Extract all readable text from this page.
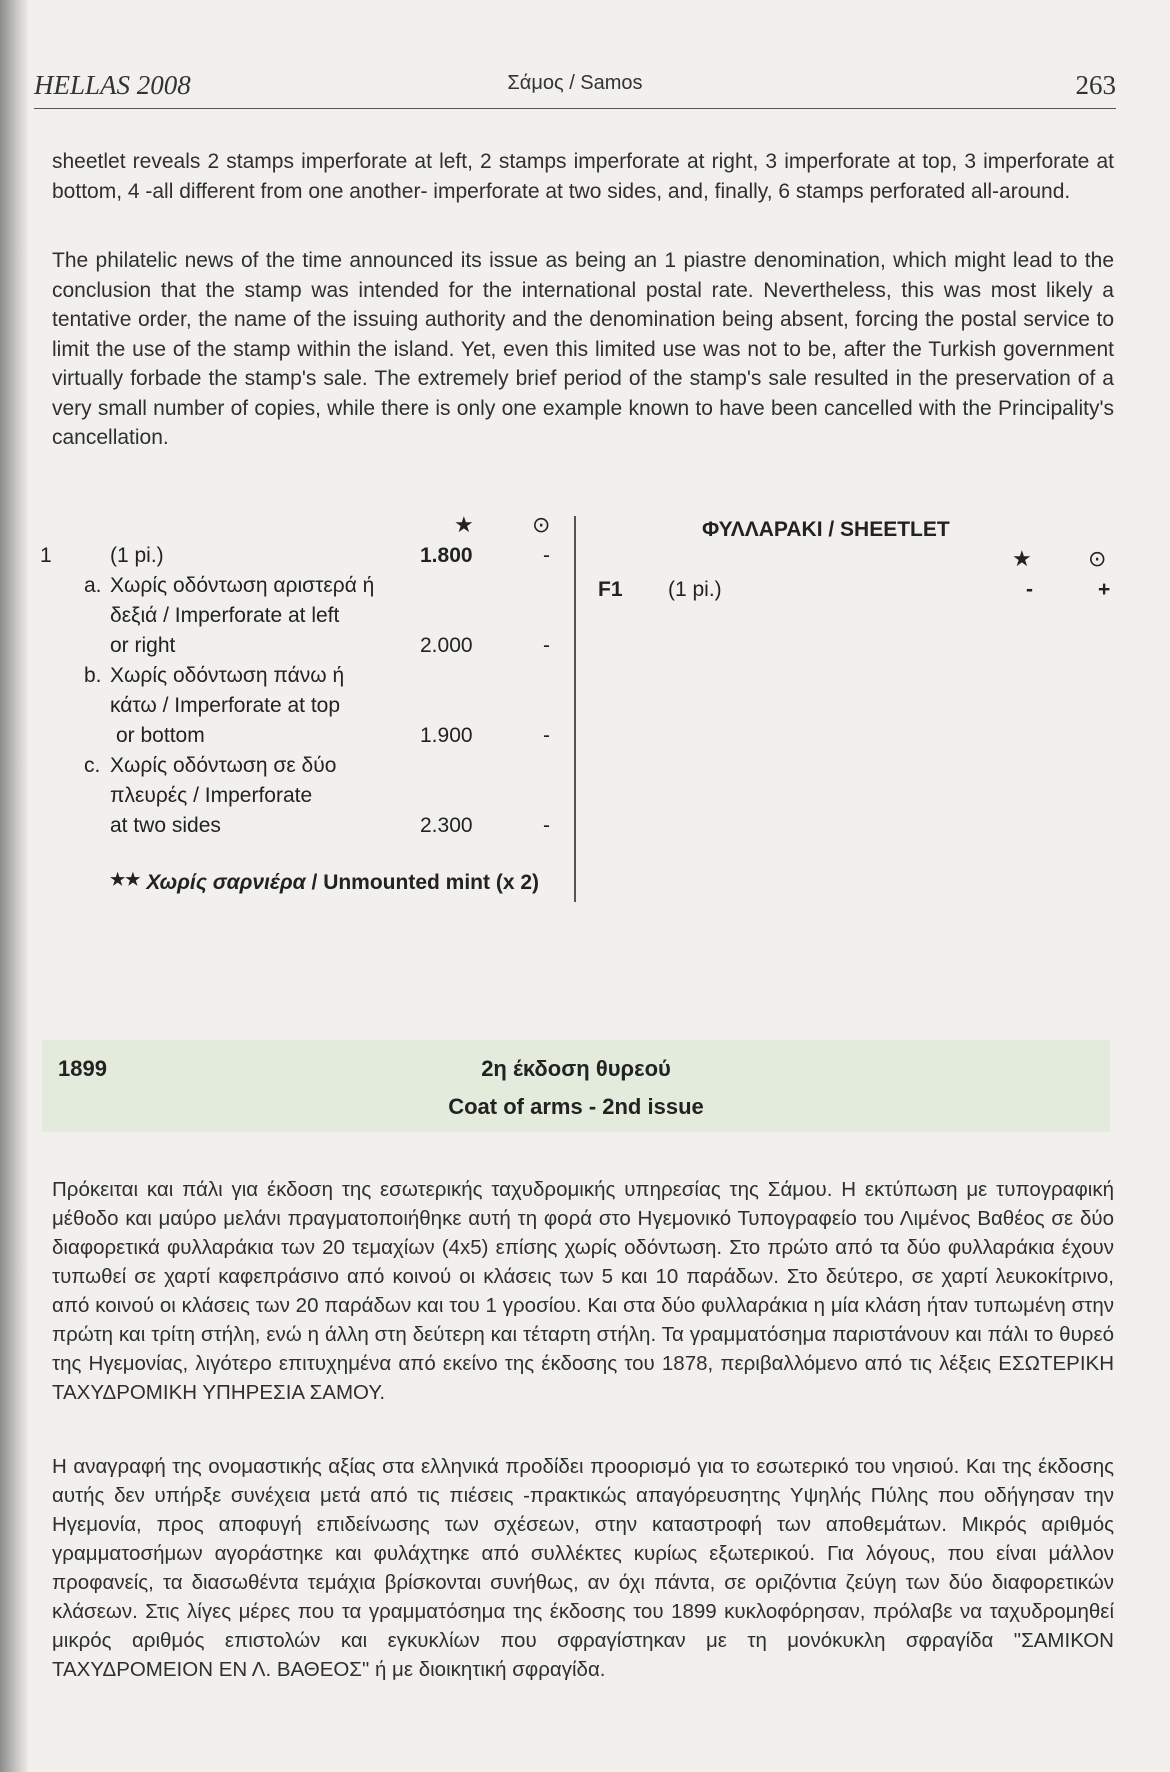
HELLAS 2008	Σάμος / Samos	263
sheetlet reveals 2 stamps imperforate at left, 2 stamps imperforate at right, 3 imperforate at top, 3 imperforate at bottom, 4 -all different from one another- imperforate at two sides, and, finally, 6 stamps perforated all-around.
The philatelic news of the time announced its issue as being an 1 piastre denomination, which might lead to the conclusion that the stamp was intended for the international postal rate. Nevertheless, this was most likely a tentative order, the name of the issuing authority and the denomination being absent, forcing the postal service to limit the use of the stamp within the island. Yet, even this limited use was not to be, after the Turkish government virtually forbade the stamp's sale. The extremely brief period of the stamp's sale resulted in the preservation of a very small number of copies, while there is only one example known to have been cancelled with the Principality's cancellation.
★	⊙
1	(1 pi.)	1.800	-
a. Χωρίς οδόντωση αριστερά ή
δεξιά / Imperforate at left
or right	2.000	-
b. Χωρίς οδόντωση πάνω ή
κάτω / Imperforate at top
or bottom	1.900	-
c. Χωρίς οδόντωση σε δύο
πλευρές / Imperforate
at two sides	2.300	-
★★ Χωρίς σαρνιέρα / Unmounted mint (x 2)
ΦΥΛΛΑΡΑΚΙ / SHEETLET
★	⊙
F1 (1 pi.)	-	+
1899	2η έκδοση θυρεού
Coat of arms - 2nd issue
Πρόκειται και πάλι για έκδοση της εσωτερικής ταχυδρομικής υπηρεσίας της Σάμου. Η εκτύπωση με τυπογραφική μέθοδο και μαύρο μελάνι πραγματοποιήθηκε αυτή τη φορά στο Ηγεμονικό Τυπογραφείο του Λιμένος Βαθέος σε δύο διαφορετικά φυλλαράκια των 20 τεμαχίων (4x5) επίσης χωρίς οδόντωση. Στο πρώτο από τα δύο φυλλαράκια έχουν τυπωθεί σε χαρτί καφεπράσινο από κοινού οι κλάσεις των 5 και 10 παράδων. Στο δεύτερο, σε χαρτί λευκοκίτρινο, από κοινού οι κλάσεις των 20 παράδων και του 1 γροσίου. Και στα δύο φυλλαράκια η μία κλάση ήταν τυπωμένη στην πρώτη και τρίτη στήλη, ενώ η άλλη στη δεύτερη και τέταρτη στήλη. Τα γραμματόσημα παριστάνουν και πάλι το θυρεό της Ηγεμονίας, λιγότερο επιτυχημένα από εκείνο της έκδοσης του 1878, περιβαλλόμενο από τις λέξεις ΕΣΩΤΕΡΙΚΗ ΤΑΧΥΔΡΟΜΙΚΗ ΥΠΗΡΕΣΙΑ ΣΑΜΟΥ.
Η αναγραφή της ονομαστικής αξίας στα ελληνικά προδίδει προορισμό για το εσωτερικό του νησιού. Και της έκδοσης αυτής δεν υπήρξε συνέχεια μετά από τις πιέσεις -πρακτικώς απαγόρευσητης Υψηλής Πύλης που οδήγησαν την Ηγεμονία, προς αποφυγή επιδείνωσης των σχέσεων, στην καταστροφή των αποθεμάτων. Μικρός αριθμός γραμματοσήμων αγοράστηκε και φυλάχτηκε από συλλέκτες κυρίως εξωτερικού. Για λόγους, που είναι μάλλον προφανείς, τα διασωθέντα τεμάχια βρίσκονται συνήθως, αν όχι πάντα, σε οριζόντια ζεύγη των δύο διαφορετικών κλάσεων. Στις λίγες μέρες που τα γραμματόσημα της έκδοσης του 1899 κυκλοφόρησαν, πρόλαβε να ταχυδρομηθεί μικρός αριθμός επιστολών και εγκυκλίων που σφραγίστηκαν με τη μονόκυκλη σφραγίδα "ΣΑΜΙΚΟΝ ΤΑΧΥΔΡΟΜΕΙΟΝ ΕΝ Λ. ΒΑΘΕΟΣ" ή με διοικητική σφραγίδα.
